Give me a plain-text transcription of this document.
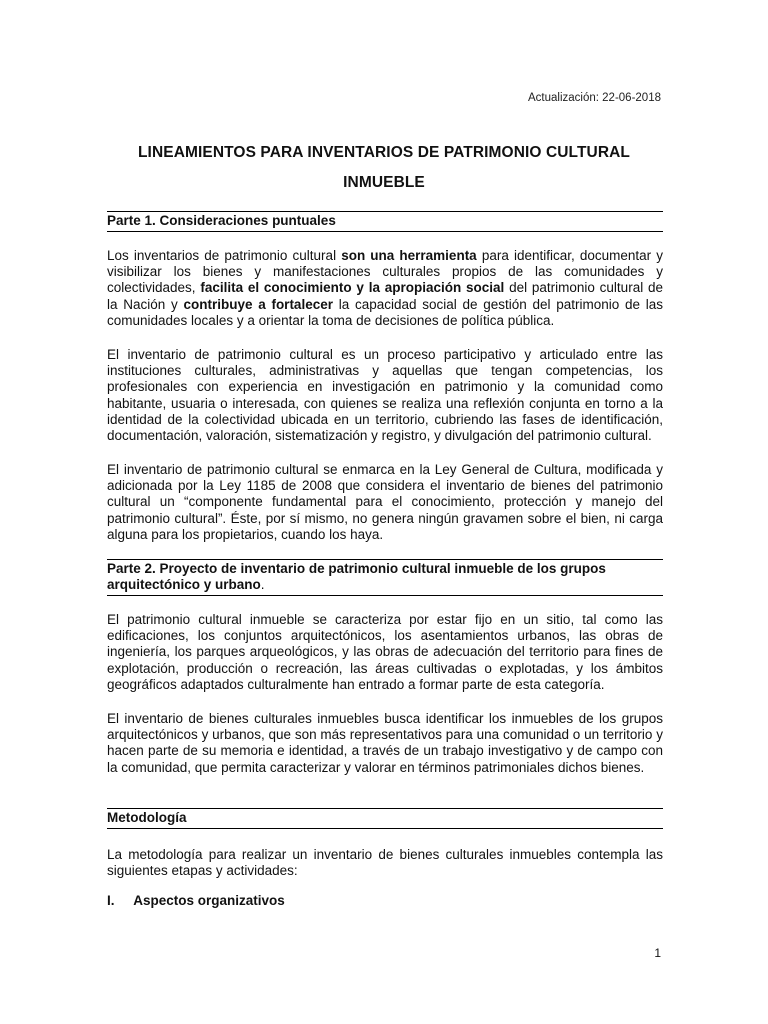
Actualización: 22-06-2018
LINEAMIENTOS PARA INVENTARIOS DE PATRIMONIO CULTURAL INMUEBLE
Parte 1. Consideraciones puntuales

Los inventarios de patrimonio cultural son una herramienta para identificar, documentar y visibilizar los bienes y manifestaciones culturales propios de las comunidades y colectividades, facilita el conocimiento y la apropiación social del patrimonio cultural de la Nación y contribuye a fortalecer la capacidad social de gestión del patrimonio de las comunidades locales y a orientar la toma de decisiones de política pública.

El inventario de patrimonio cultural es un proceso participativo y articulado entre las instituciones culturales, administrativas y aquellas que tengan competencias, los profesionales con experiencia en investigación en patrimonio y la comunidad como habitante, usuaria o interesada, con quienes se realiza una reflexión conjunta en torno a la identidad de la colectividad ubicada en un territorio, cubriendo las fases de identificación, documentación, valoración, sistematización y registro, y divulgación del patrimonio cultural.

El inventario de patrimonio cultural se enmarca en la Ley General de Cultura, modificada y adicionada por la Ley 1185 de 2008 que considera el inventario de bienes del patrimonio cultural un “componente fundamental para el conocimiento, protección y manejo del patrimonio cultural”. Éste, por sí mismo, no genera ningún gravamen sobre el bien, ni carga alguna para los propietarios, cuando los haya.

Parte 2. Proyecto de inventario de patrimonio cultural inmueble de los grupos arquitectónico y urbano.

El patrimonio cultural inmueble se caracteriza por estar fijo en un sitio, tal como las edificaciones, los conjuntos arquitectónicos, los asentamientos urbanos, las obras de ingeniería, los parques arqueológicos, y las obras de adecuación del territorio para fines de explotación, producción o recreación, las áreas cultivadas o explotadas, y los ámbitos geográficos adaptados culturalmente han entrado a formar parte de esta categoría.

El inventario de bienes culturales inmuebles busca identificar los inmuebles de los grupos arquitectónicos y urbanos, que son más representativos para una comunidad o un territorio y hacen parte de su memoria e identidad, a través de un trabajo investigativo y de campo con la comunidad, que permita caracterizar y valorar en términos patrimoniales dichos bienes.

Metodología

La metodología para realizar un inventario de bienes culturales inmuebles contempla las siguientes etapas y actividades:

I. Aspectos organizativos
1
